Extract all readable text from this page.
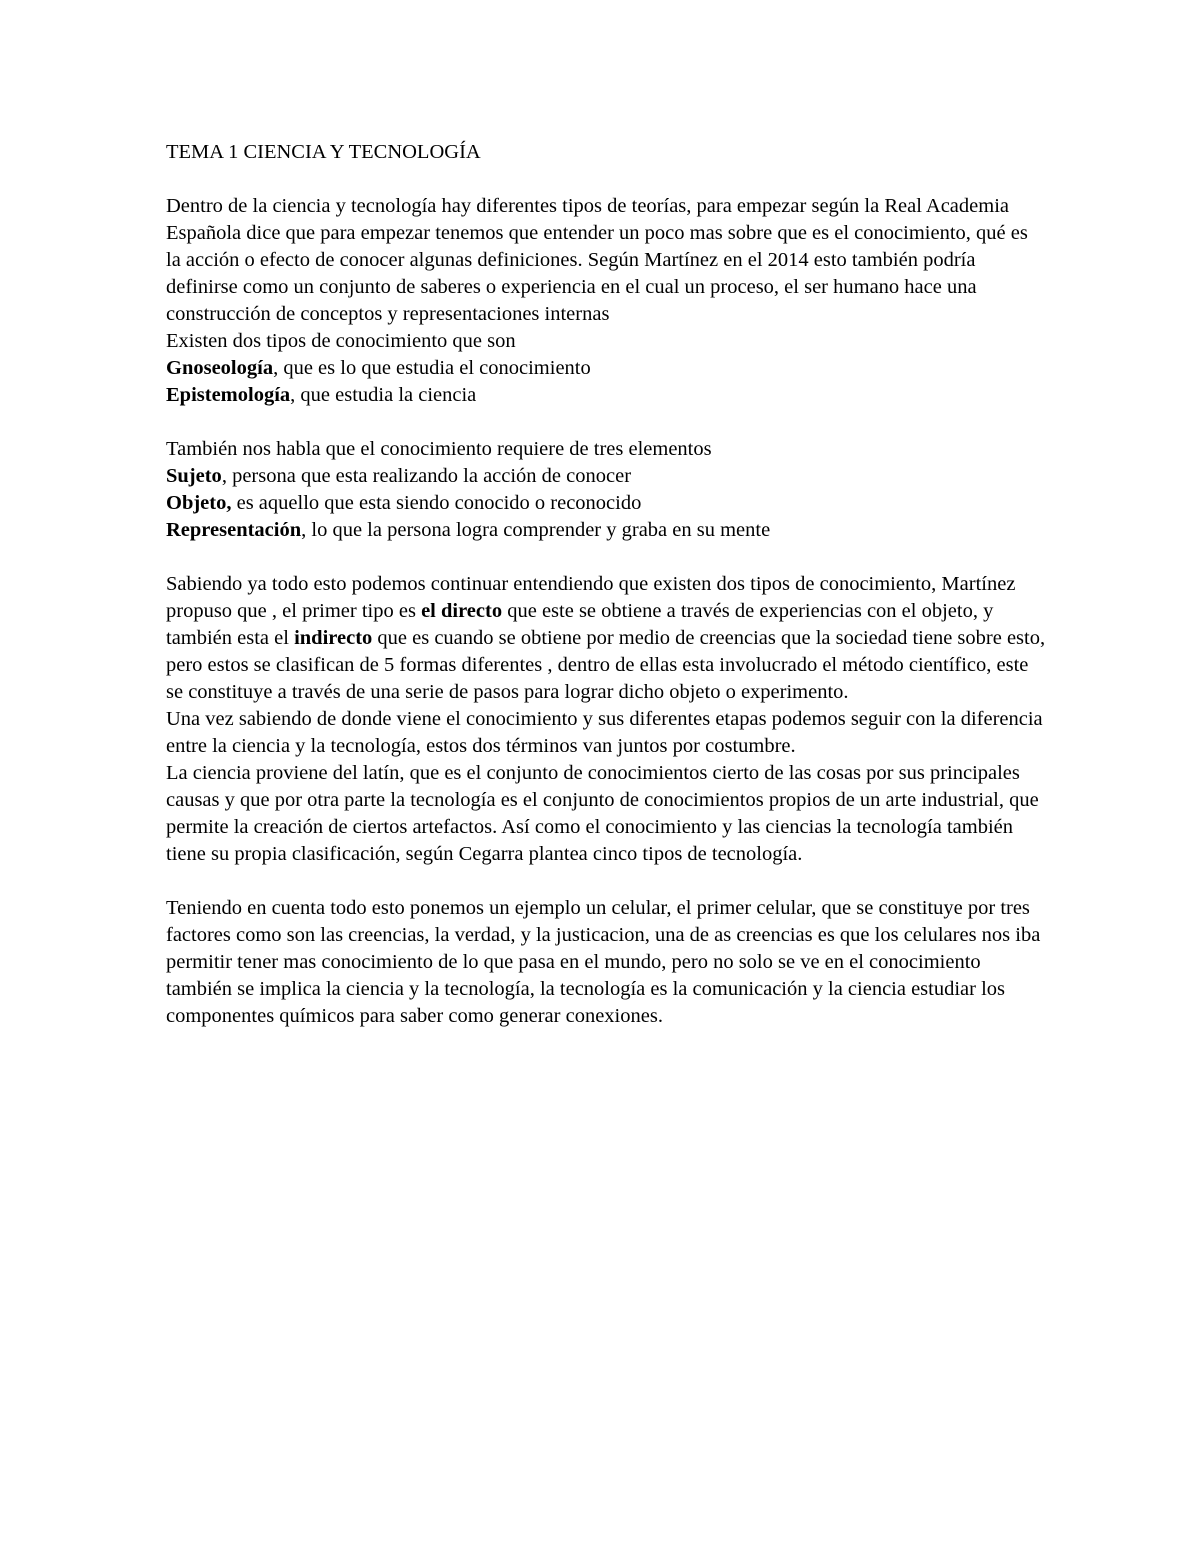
TEMA 1 CIENCIA Y TECNOLOGÍA

Dentro de la ciencia y tecnología hay diferentes tipos de teorías, para empezar según la Real Academia Española dice que para empezar tenemos que entender un poco mas sobre que es el conocimiento, qué es la acción o efecto de conocer algunas definiciones. Según Martínez en el 2014 esto también podría definirse como un conjunto de saberes o experiencia en el cual un proceso, el ser humano hace una construcción de conceptos y representaciones internas

Existen dos tipos de conocimiento que son

Gnoseología, que es lo que estudia el conocimiento

Epistemología, que estudia la ciencia

También nos habla que el conocimiento requiere de tres elementos

Sujeto, persona que esta realizando la acción de conocer

Objeto, es aquello que esta siendo conocido o reconocido

Representación, lo que la persona logra comprender y graba en su mente

Sabiendo ya todo esto podemos continuar entendiendo que existen dos tipos de conocimiento, Martínez propuso que , el primer tipo es el directo que este se obtiene a través de experiencias con el objeto, y también esta el indirecto que es cuando se obtiene por medio de creencias que la sociedad tiene sobre esto, pero estos se clasifican de 5 formas diferentes , dentro de ellas esta involucrado el método científico, este se constituye a través de una serie de pasos para lograr dicho objeto o experimento.

Una vez sabiendo de donde viene el conocimiento y sus diferentes etapas podemos seguir con la diferencia entre la ciencia y la tecnología, estos dos términos van juntos por costumbre.

La ciencia proviene del latín, que es el conjunto de conocimientos cierto de las cosas por sus principales causas y que por otra parte la tecnología es el conjunto de conocimientos propios de un arte industrial, que permite la creación de ciertos artefactos. Así como el conocimiento y las ciencias la tecnología también tiene su propia clasificación, según Cegarra plantea cinco tipos de tecnología.

Teniendo en cuenta todo esto ponemos un ejemplo un celular, el primer celular, que se constituye por tres factores como son las creencias, la verdad, y la justicacion, una de as creencias es que los celulares nos iba permitir tener mas conocimiento de lo que pasa en el mundo, pero no solo se ve en el conocimiento también se implica la ciencia y la tecnología, la tecnología es la comunicación y la ciencia estudiar los componentes químicos para saber como generar conexiones.
